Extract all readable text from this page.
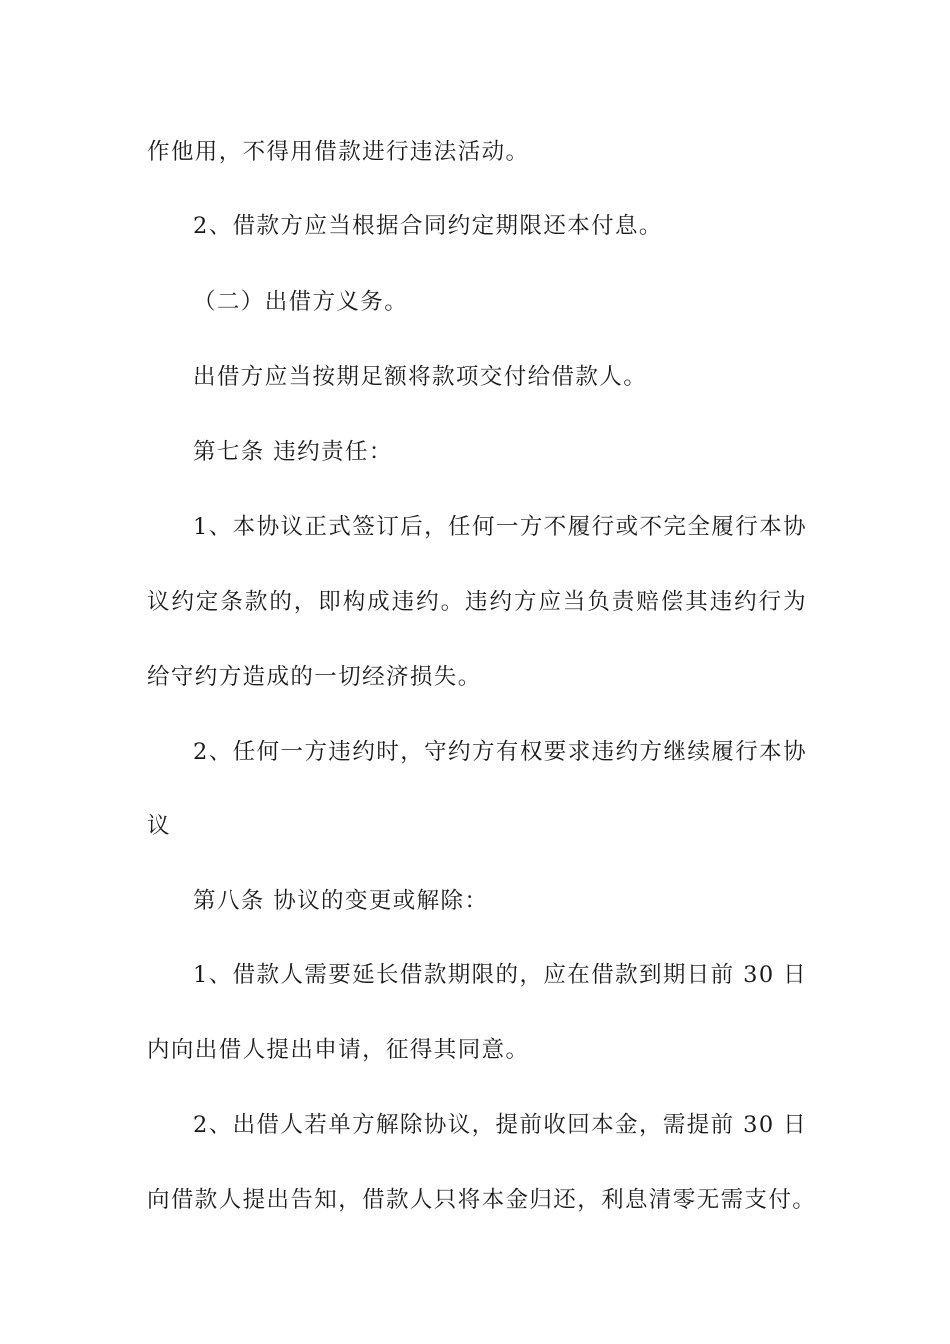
作他用，不得用借款进行违法活动。
2、借款方应当根据合同约定期限还本付息。
（二）出借方义务。
出借方应当按期足额将款项交付给借款人。
第七条 违约责任：
1、本协议正式签订后，任何一方不履行或不完全履行本协
议约定条款的，即构成违约。违约方应当负责赔偿其违约行为
给守约方造成的一切经济损失。
2、任何一方违约时，守约方有权要求违约方继续履行本协
议
第八条 协议的变更或解除：
1、借款人需要延长借款期限的，应在借款到期日前 30 日
内向出借人提出申请，征得其同意。
2、出借人若单方解除协议，提前收回本金，需提前 30 日
向借款人提出告知，借款人只将本金归还，利息清零无需支付。
